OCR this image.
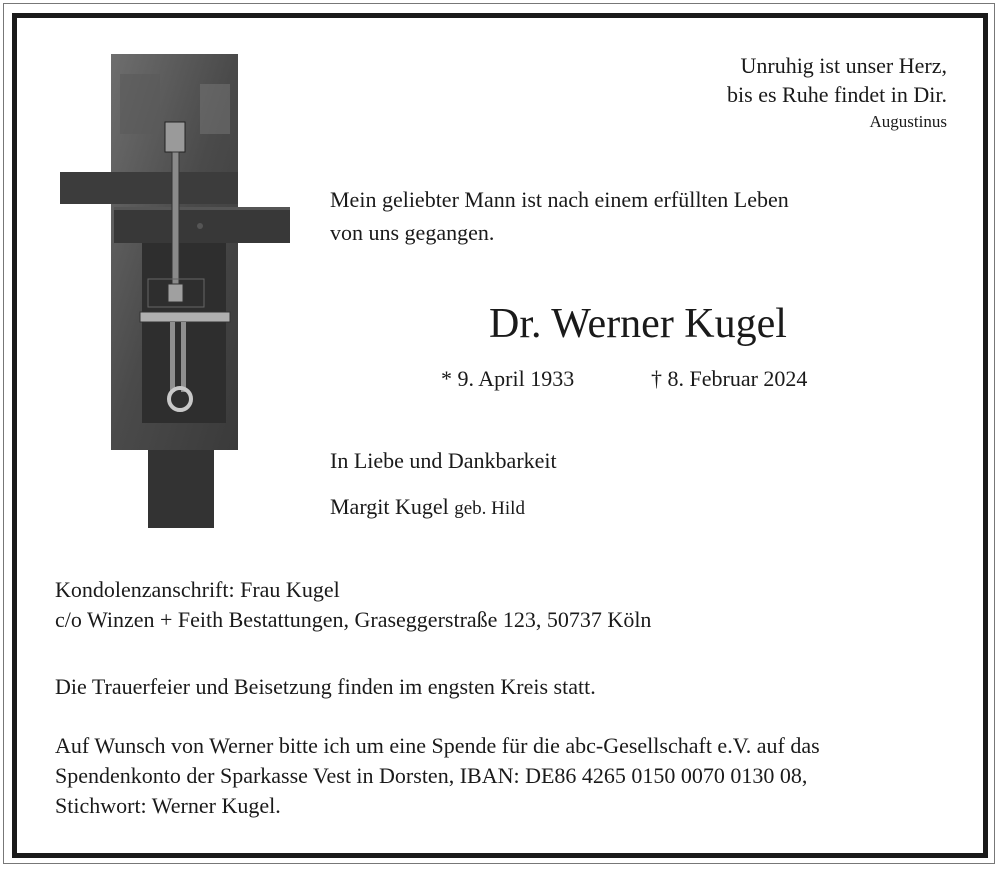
Unruhig ist unser Herz,
bis es Ruhe findet in Dir.
Augustinus
Mein geliebter Mann ist nach einem erfüllten Leben
von uns gegangen.
Dr. Werner Kugel
* 9. April 1933	† 8. Februar 2024
In Liebe und Dankbarkeit
Margit Kugel geb. Hild
Kondolenzanschrift: Frau Kugel
c/o Winzen + Feith Bestattungen, Graseggerstraße 123, 50737 Köln
Die Trauerfeier und Beisetzung finden im engsten Kreis statt.
Auf Wunsch von Werner bitte ich um eine Spende für die abc-Gesellschaft e.V. auf das
Spendenkonto der Sparkasse Vest in Dorsten, IBAN: DE86 4265 0150 0070 0130 08,
Stichwort: Werner Kugel.
